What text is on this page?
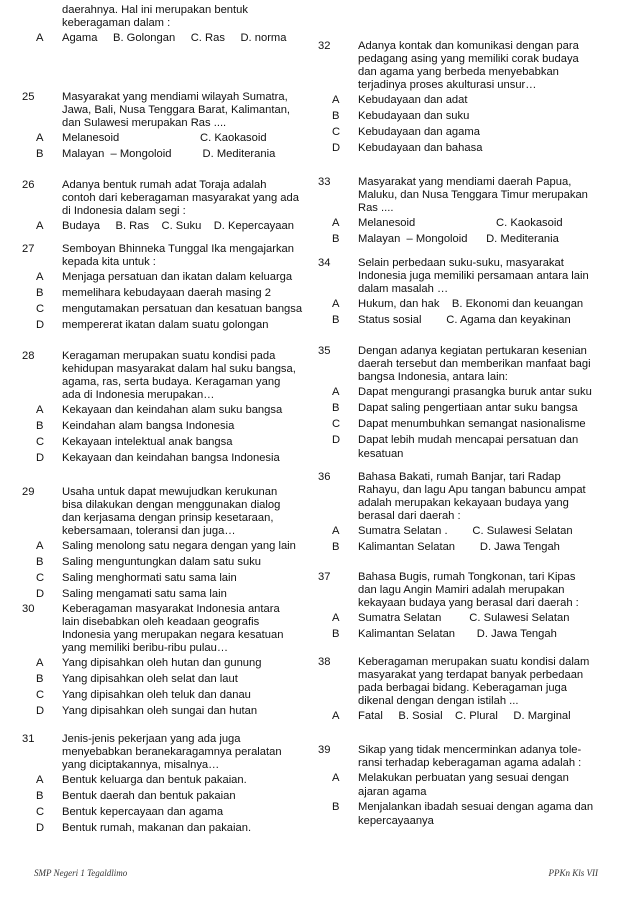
daerahnya. Hal ini merupakan bentuk
keberagaman dalam :
A Agama     B. Golongan     C. Ras     D. norma
25	Masyarakat yang mendiami wilayah Sumatra,
Jawa, Bali, Nusa Tenggara Barat, Kalimantan,
dan Sulawesi merupakan Ras ....
A Melanesoid                          C. Kaokasoid
B Malayan  – Mongoloid          D. Mediterania
26	Adanya bentuk rumah adat Toraja adalah
contoh dari keberagaman masyarakat yang ada
di Indonesia dalam segi :
A Budaya     B. Ras    C. Suku    D. Kepercayaan
27	Semboyan Bhinneka Tunggal Ika mengajarkan
kepada kita untuk :
A Menjaga persatuan dan ikatan dalam keluarga
B memelihara kebudayaan daerah masing 2
C mengutamakan persatuan dan kesatuan bangsa
D mempererat ikatan dalam suatu golongan
28	Keragaman merupakan suatu kondisi pada
kehidupan masyarakat dalam hal suku bangsa,
agama, ras, serta budaya. Keragaman yang
ada di Indonesia merupakan…
A Kekayaan dan keindahan alam suku bangsa
B Keindahan alam bangsa Indonesia
C Kekayaan intelektual anak bangsa
D Kekayaan dan keindahan bangsa Indonesia
29	Usaha untuk dapat mewujudkan kerukunan
bisa dilakukan dengan menggunakan dialog
dan kerjasama dengan prinsip kesetaraan,
kebersamaan, toleransi dan juga…
A Saling menolong satu negara dengan yang lain
B Saling menguntungkan dalam satu suku
C Saling menghormati satu sama lain
D Saling mengamati satu sama lain
30	Keberagaman masyarakat Indonesia antara
lain disebabkan oleh keadaan geografis
Indonesia yang merupakan negara kesatuan
yang memiliki beribu-ribu pulau…
A Yang dipisahkan oleh hutan dan gunung
B Yang dipisahkan oleh selat dan laut
C Yang dipisahkan oleh teluk dan danau
D Yang dipisahkan oleh sungai dan hutan
31	Jenis-jenis pekerjaan yang ada juga
menyebabkan beranekaragamnya peralatan
yang diciptakannya, misalnya…
A Bentuk keluarga dan bentuk pakaian.
B Bentuk daerah dan bentuk pakaian
C Bentuk kepercayaan dan agama
D Bentuk rumah, makanan dan pakaian.
32	Adanya kontak dan komunikasi dengan para
pedagang asing yang memiliki corak budaya
dan agama yang berbeda menyebabkan
terjadinya proses akulturasi unsur…
A Kebudayaan dan adat
B Kebudayaan dan suku
C Kebudayaan dan agama
D Kebudayaan dan bahasa
33	Masyarakat yang mendiami daerah Papua,
Maluku, dan Nusa Tenggara Timur merupakan
Ras ....
A Melanesoid                          C. Kaokasoid
B Malayan  – Mongoloid      D. Mediterania
34	Selain perbedaan suku-suku, masyarakat
Indonesia juga memiliki persamaan antara lain
dalam masalah …
A Hukum, dan hak    B. Ekonomi dan keuangan
B Status sosial        C. Agama dan keyakinan
35	Dengan adanya kegiatan pertukaran kesenian
daerah tersebut dan memberikan manfaat bagi
bangsa Indonesia, antara lain:
A Dapat mengurangi prasangka buruk antar suku
B Dapat saling pengertiaan antar suku bangsa
C Dapat menumbuhkan semangat nasionalisme
D Dapat lebih mudah mencapai persatuan dan
kesatuan
36	Bahasa Bakati, rumah Banjar, tari Radap
Rahayu, dan lagu Apu tangan babuncu ampat
adalah merupakan kekayaan budaya yang
berasal dari daerah :
A Sumatra Selatan .        C. Sulawesi Selatan
B Kalimantan Selatan        D. Jawa Tengah
37	Bahasa Bugis, rumah Tongkonan, tari Kipas
dan lagu Angin Mamiri adalah merupakan
kekayaan budaya yang berasal dari daerah :
A Sumatra Selatan         C. Sulawesi Selatan
B Kalimantan Selatan       D. Jawa Tengah
38	Keberagaman merupakan suatu kondisi dalam
masyarakat yang terdapat banyak perbedaan
pada berbagai bidang. Keberagaman juga
dikenal dengan dengan istilah ...
A Fatal     B. Sosial    C. Plural     D. Marginal
39	Sikap yang tidak mencerminkan adanya tole-
ransi terhadap keberagaman agama adalah :
A Melakukan perbuatan yang sesuai dengan
ajaran agama
B Menjalankan ibadah sesuai dengan agama dan
kepercayaanya
SMP Negeri 1 Tegaldlimo	PPKn Kls VII
